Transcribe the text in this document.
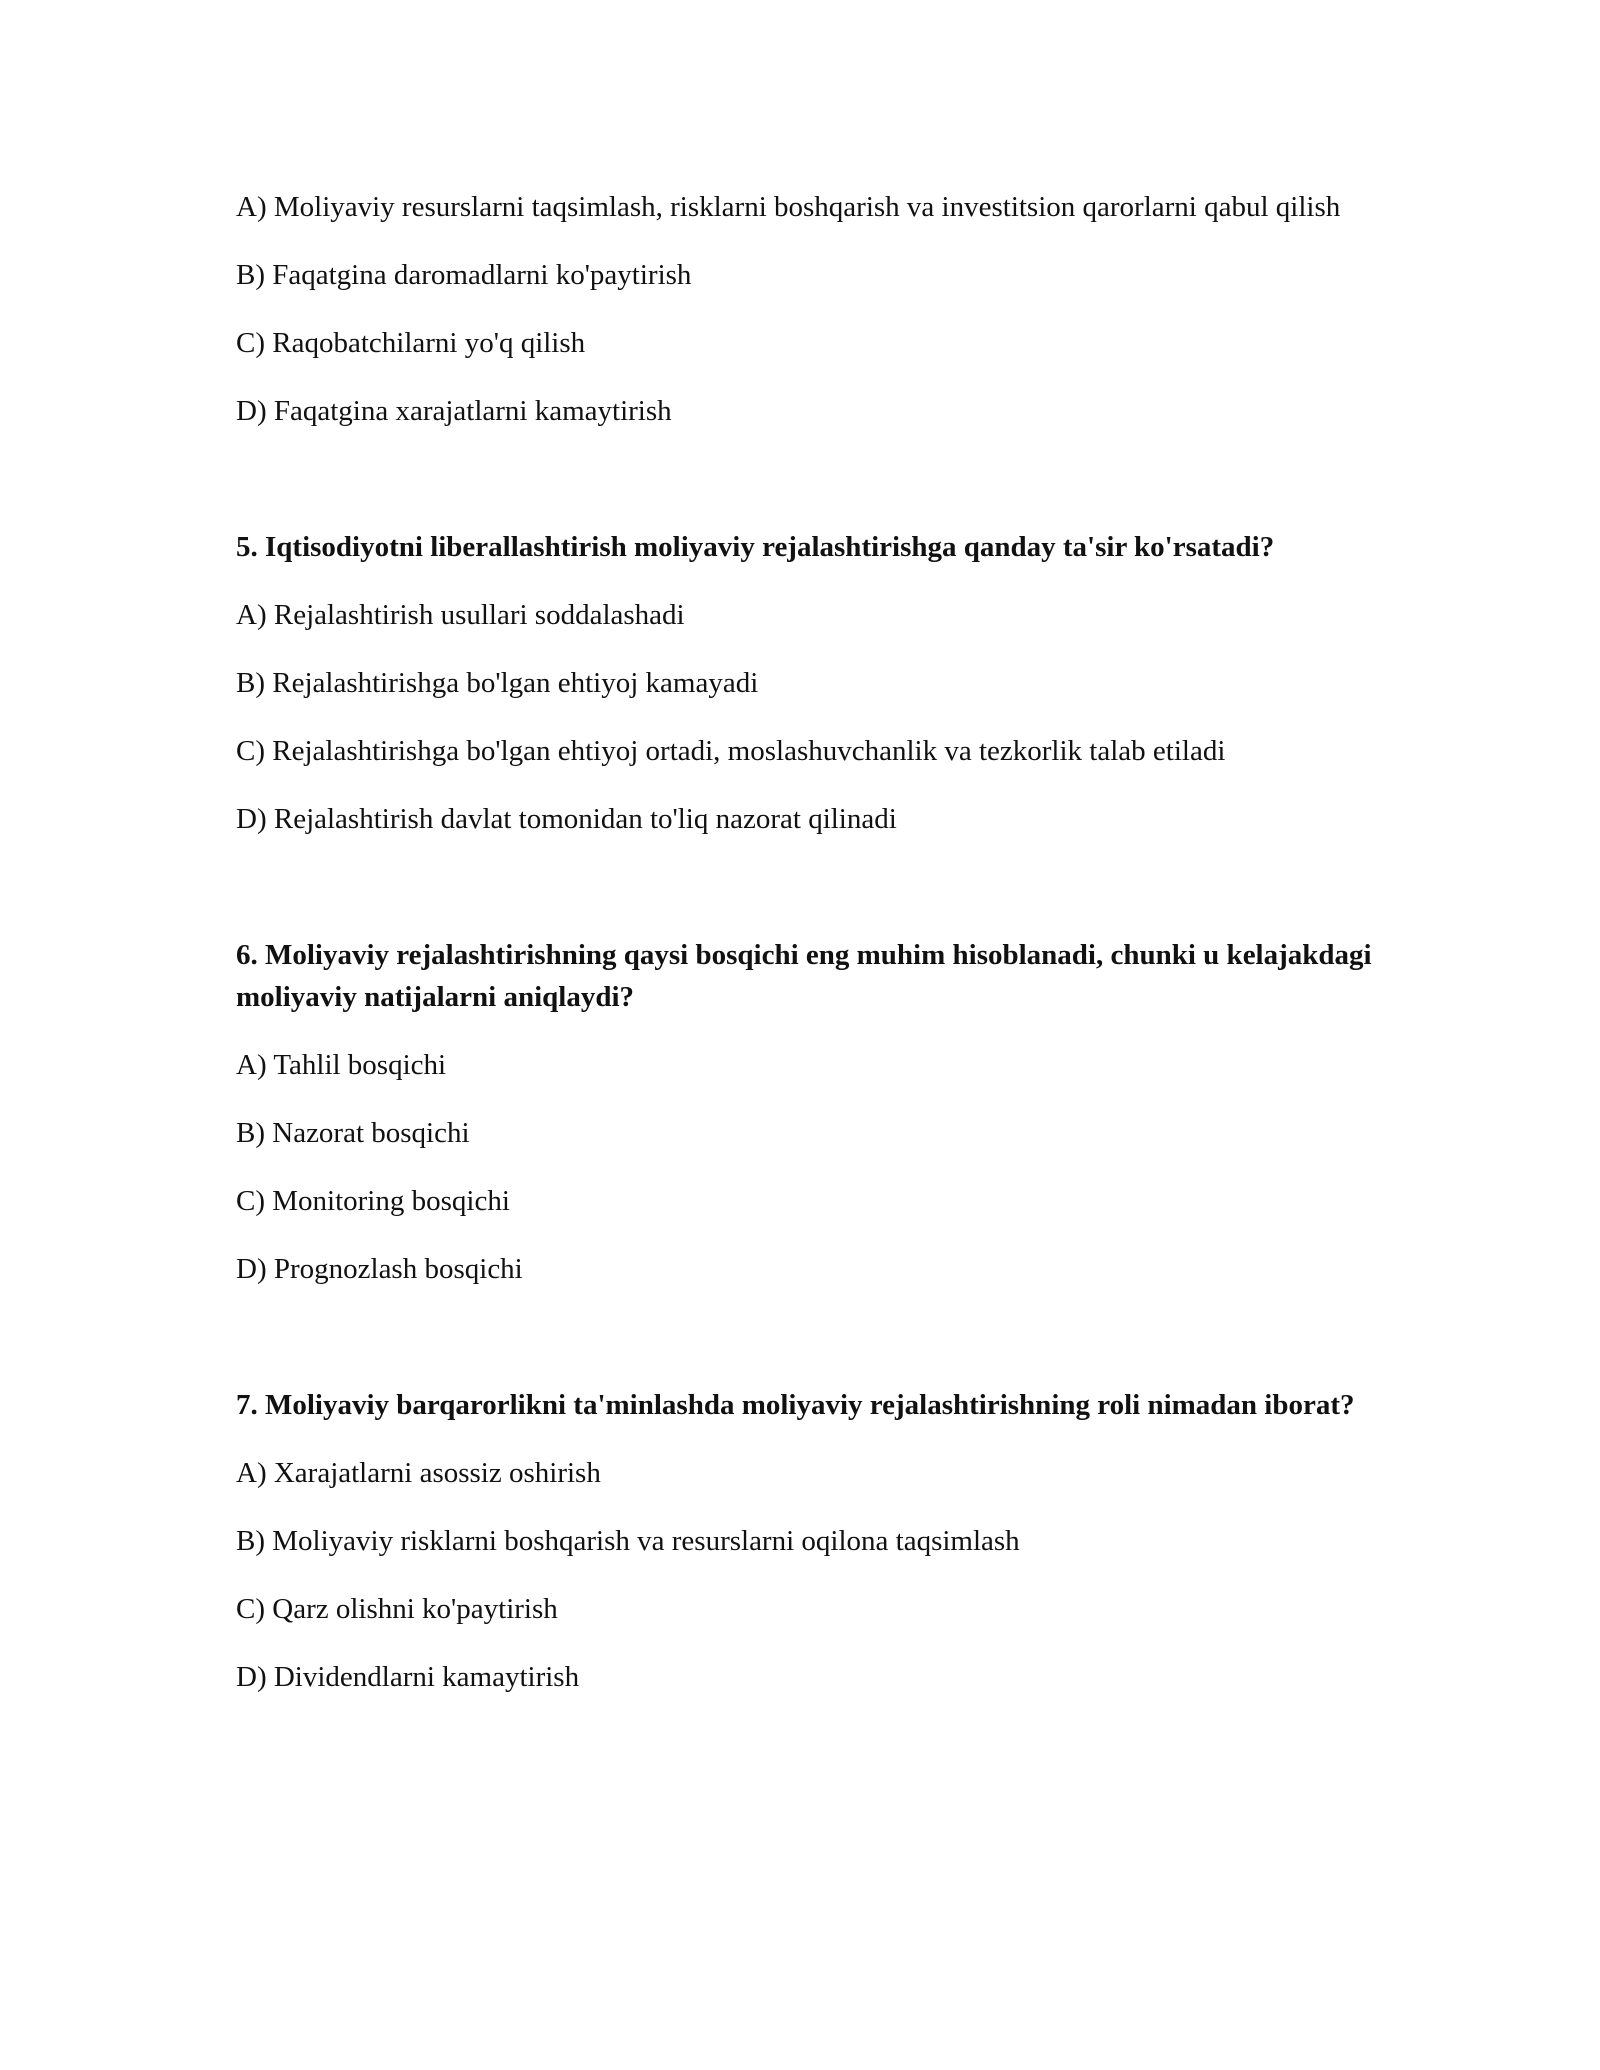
A) Moliyaviy resurslarni taqsimlash, risklarni boshqarish va investitsion qarorlarni qabul qilish

B) Faqatgina daromadlarni ko'paytirish

C) Raqobatchilarni yo'q qilish

D) Faqatgina xarajatlarni kamaytirish

5. Iqtisodiyotni liberallashtirish moliyaviy rejalashtirishga qanday ta'sir ko'rsatadi?

A) Rejalashtirish usullari soddalashadi

B) Rejalashtirishga bo'lgan ehtiyoj kamayadi

C) Rejalashtirishga bo'lgan ehtiyoj ortadi, moslashuvchanlik va tezkorlik talab etiladi

D) Rejalashtirish davlat tomonidan to'liq nazorat qilinadi

6. Moliyaviy rejalashtirishning qaysi bosqichi eng muhim hisoblanadi, chunki u kelajakdagi moliyaviy natijalarni aniqlaydi?

A) Tahlil bosqichi

B) Nazorat bosqichi

C) Monitoring bosqichi

D) Prognozlash bosqichi

7. Moliyaviy barqarorlikni ta'minlashda moliyaviy rejalashtirishning roli nimadan iborat?

A) Xarajatlarni asossiz oshirish

B) Moliyaviy risklarni boshqarish va resurslarni oqilona taqsimlash

C) Qarz olishni ko'paytirish

D) Dividendlarni kamaytirish
